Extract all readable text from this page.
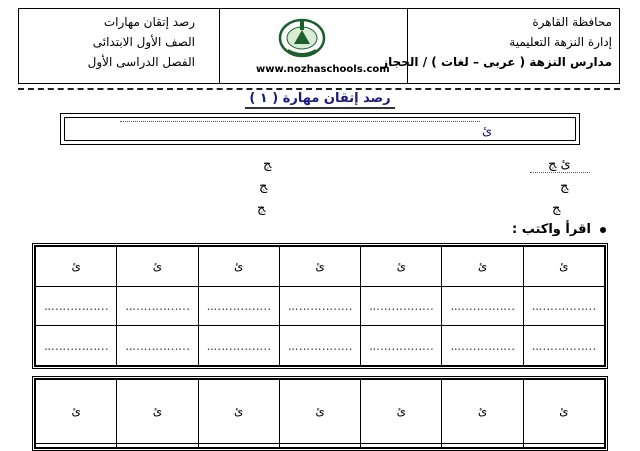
محافظة القاهرة
إدارة النزهة التعليمية
مدارس النزهة ( عربى – لغات ) / الحجاز
رصد إتقان مهارات
الصف الأول الابتدائى
الفصل الدراسى الأول
www.nozhaschools.com
رصد إتقان مهارة ( ١ )
ئ
ئ ﺞ
ﺞ
ﺞ
ﺞ
ﺞ
ﺞ
اقرأ واكتب :
ئ	ئ	ئ	ئ	ئ	ئ	ئ
……………..	……………..	……………..	……………..	……………..	……………..	……………..
……………..	……………..	……………..	……………..	……………..	……………..	……………..
ئ	ئ	ئ	ئ	ئ	ئ	ئ
